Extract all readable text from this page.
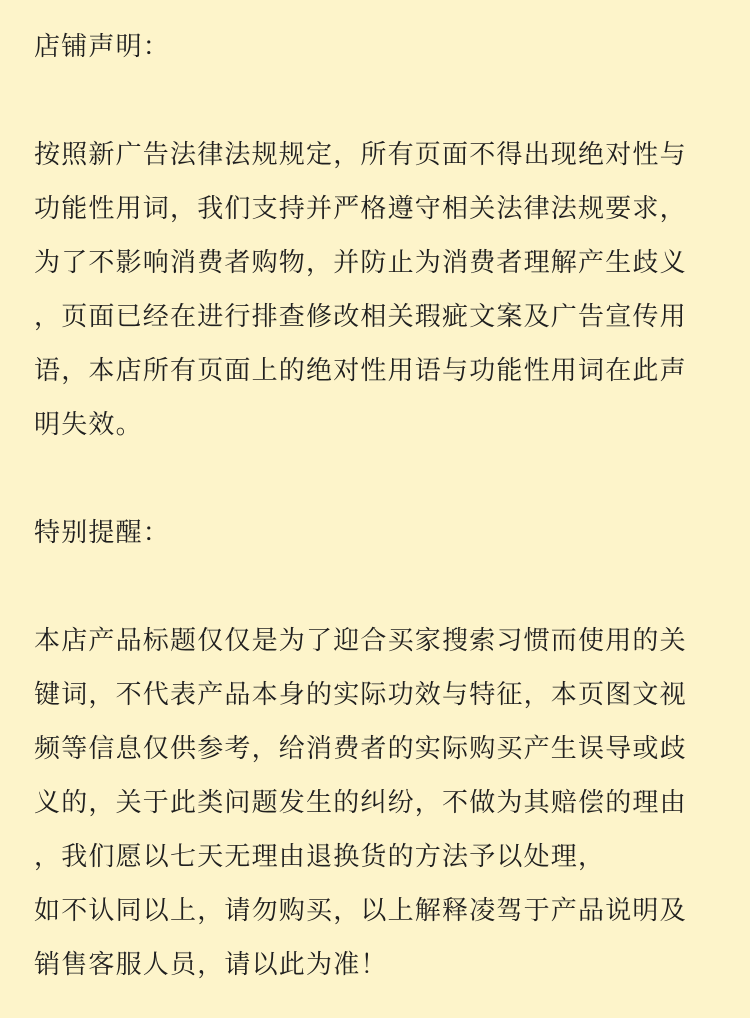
店铺声明：
按照新广告法律法规规定，所有页面不得出现绝对性与
功能性用词，我们支持并严格遵守相关法律法规要求，
为了不影响消费者购物，并防止为消费者理解产生歧义
，页面已经在进行排查修改相关瑕疵文案及广告宣传用
语，本店所有页面上的绝对性用语与功能性用词在此声
明失效。
特别提醒：
本店产品标题仅仅是为了迎合买家搜索习惯而使用的关
键词，不代表产品本身的实际功效与特征，本页图文视
频等信息仅供参考，给消费者的实际购买产生误导或歧
义的，关于此类问题发生的纠纷，不做为其赔偿的理由
，我们愿以七天无理由退换货的方法予以处理，
如不认同以上，请勿购买，以上解释凌驾于产品说明及
销售客服人员，请以此为准！
